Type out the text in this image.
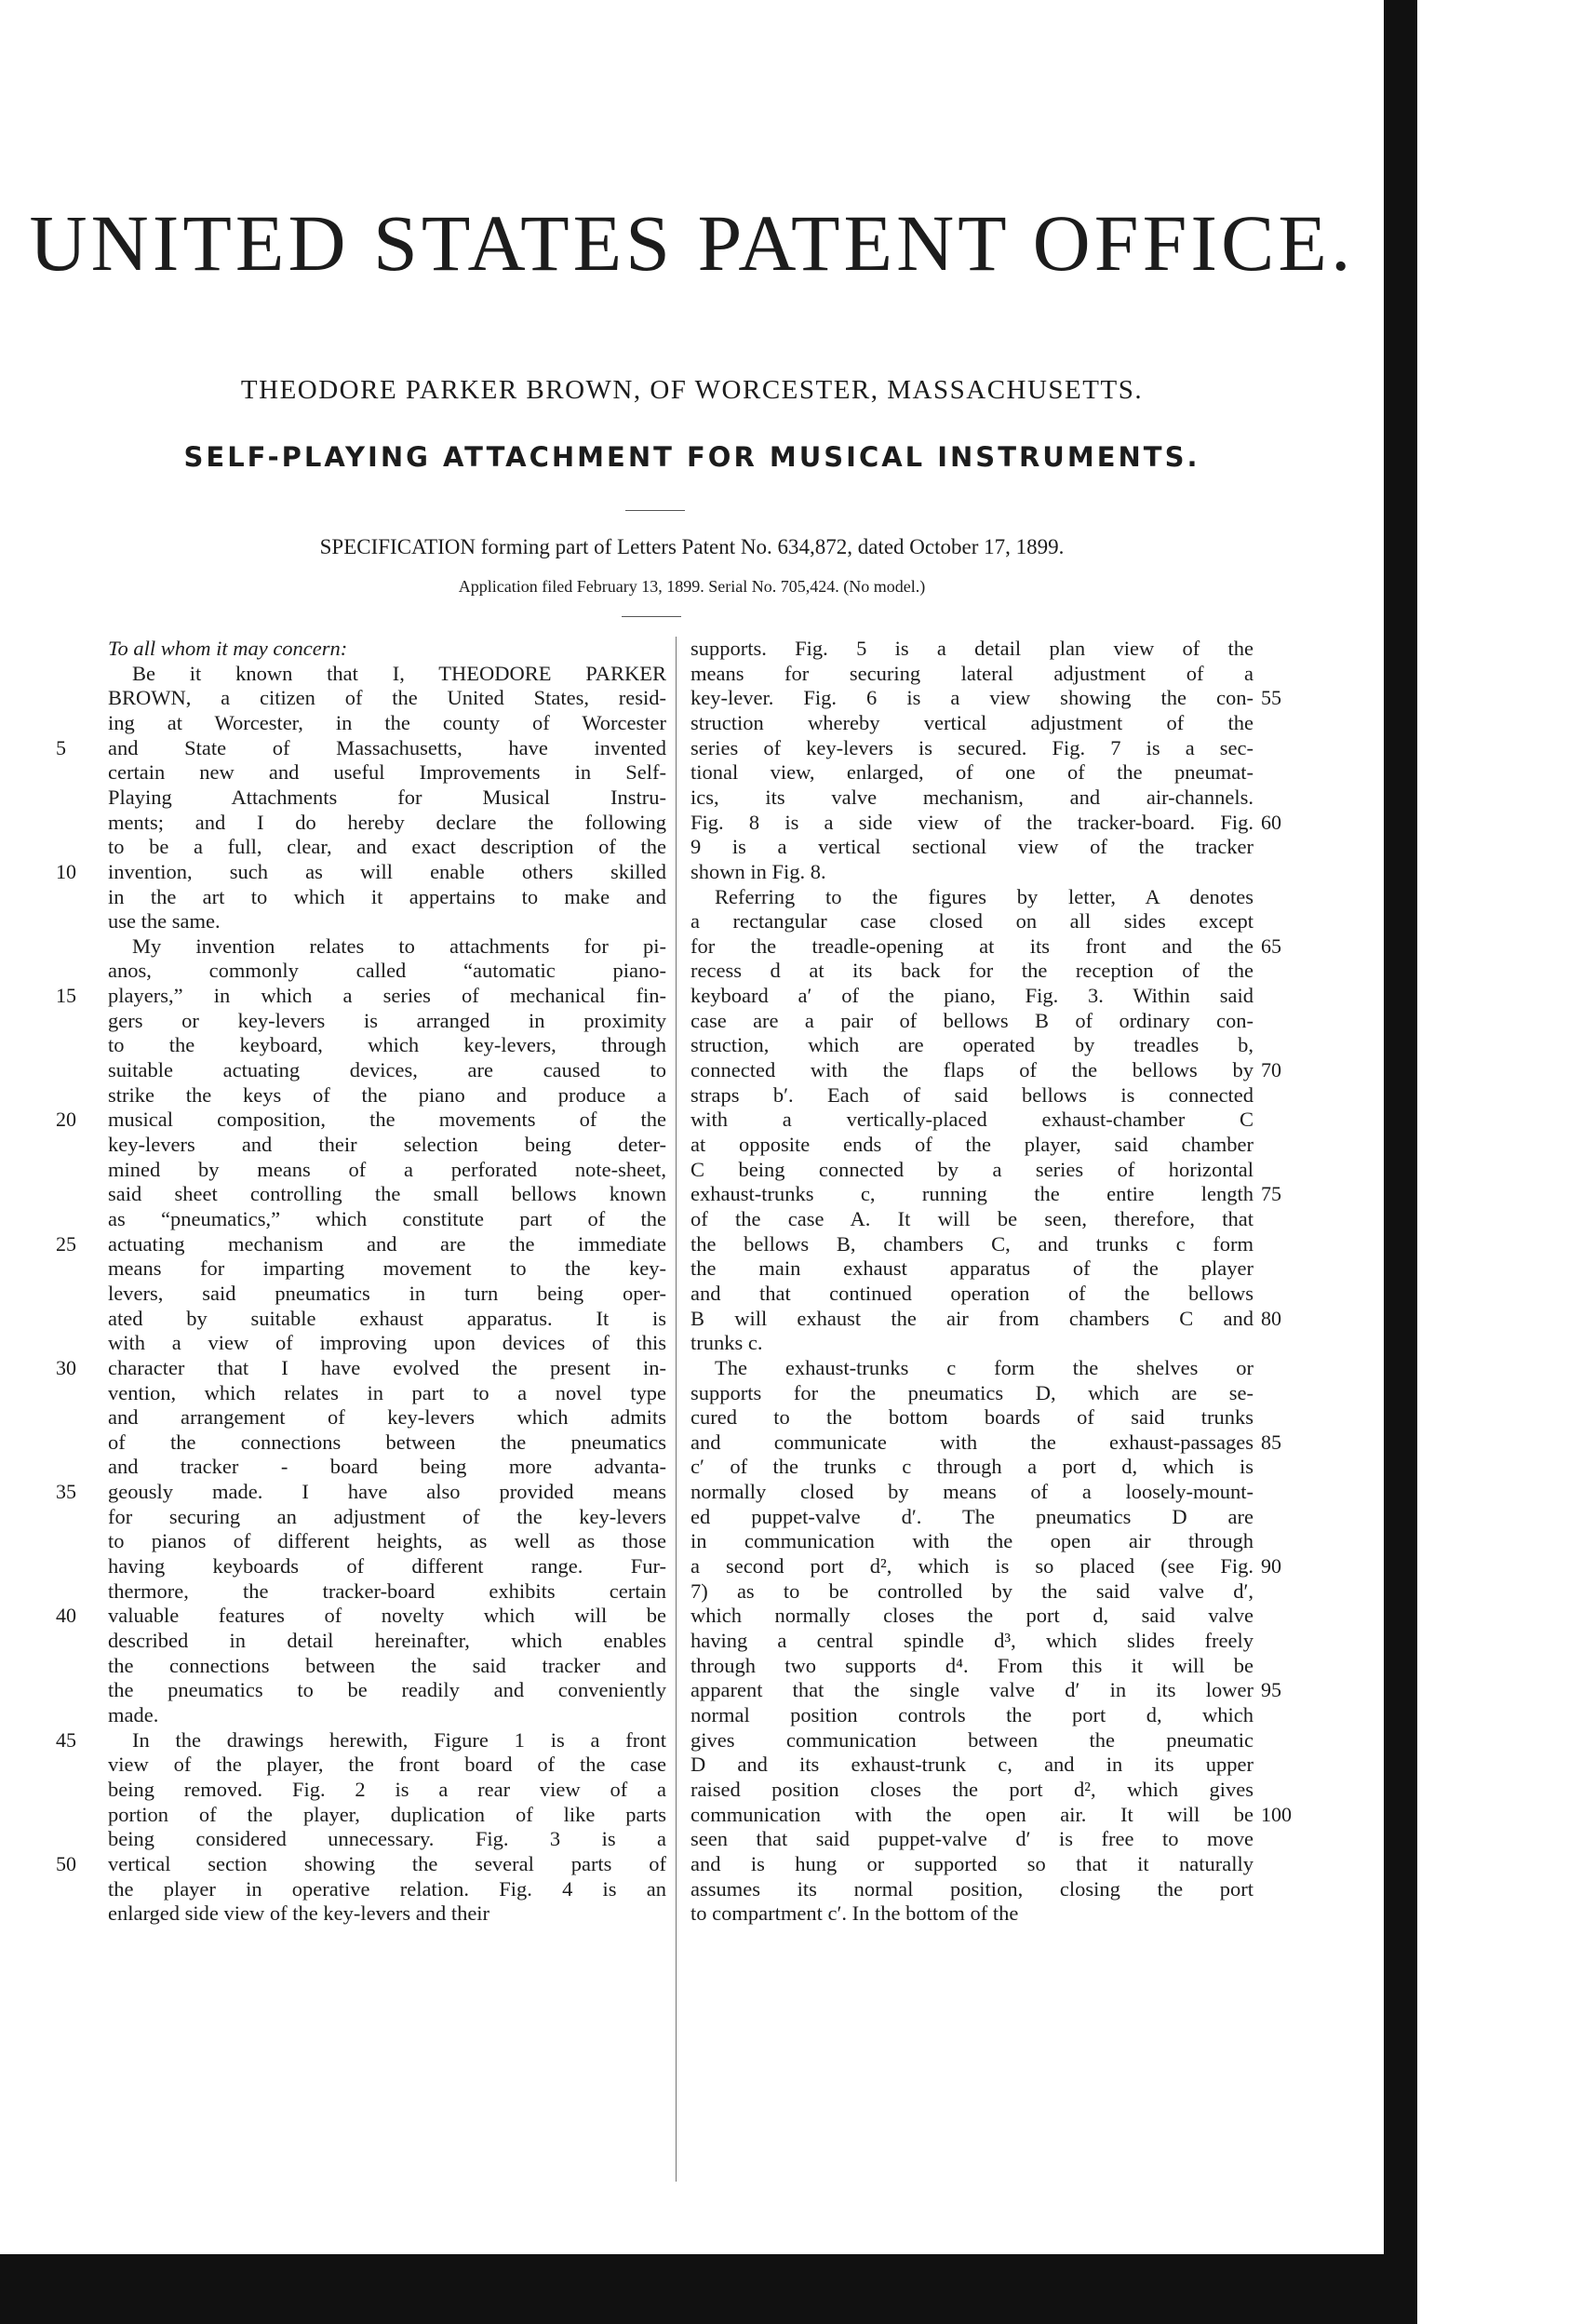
UNITED STATES PATENT OFFICE.
THEODORE PARKER BROWN, OF WORCESTER, MASSACHUSETTS.
SELF-PLAYING ATTACHMENT FOR MUSICAL INSTRUMENTS.
SPECIFICATION forming part of Letters Patent No. 634,872, dated October 17, 1899.
Application filed February 13, 1899. Serial No. 705,424. (No model.)
To all whom it may concern:
Be it known that I, THEODORE PARKER
BROWN, a citizen of the United States, resid-
ing at Worcester, in the county of Worcester
and State of Massachusetts, have invented
certain new and useful Improvements in Self-
Playing Attachments for Musical Instru-
ments; and I do hereby declare the following
to be a full, clear, and exact description of the
invention, such as will enable others skilled
in the art to which it appertains to make and
use the same.
My invention relates to attachments for pi-
anos, commonly called “automatic piano-
players,” in which a series of mechanical fin-
gers or key-levers is arranged in proximity
to the keyboard, which key-levers, through
suitable actuating devices, are caused to
strike the keys of the piano and produce a
musical composition, the movements of the
key-levers and their selection being deter-
mined by means of a perforated note-sheet,
said sheet controlling the small bellows known
as “pneumatics,” which constitute part of the
actuating mechanism and are the immediate
means for imparting movement to the key-
levers, said pneumatics in turn being oper-
ated by suitable exhaust apparatus. It is
with a view of improving upon devices of this
character that I have evolved the present in-
vention, which relates in part to a novel type
and arrangement of key-levers which admits
of the connections between the pneumatics
and tracker - board being more advanta-
geously made. I have also provided means
for securing an adjustment of the key-levers
to pianos of different heights, as well as those
having keyboards of different range. Fur-
thermore, the tracker-board exhibits certain
valuable features of novelty which will be
described in detail hereinafter, which enables
the connections between the said tracker and
the pneumatics to be readily and conveniently
made.
In the drawings herewith, Figure 1 is a front
view of the player, the front board of the case
being removed. Fig. 2 is a rear view of a
portion of the player, duplication of like parts
being considered unnecessary. Fig. 3 is a
vertical section showing the several parts of
the player in operative relation. Fig. 4 is an
enlarged side view of the key-levers and their
supports. Fig. 5 is a detail plan view of the
means for securing lateral adjustment of a
key-lever. Fig. 6 is a view showing the con-
struction whereby vertical adjustment of the
series of key-levers is secured. Fig. 7 is a sec-
tional view, enlarged, of one of the pneumat-
ics, its valve mechanism, and air-channels.
Fig. 8 is a side view of the tracker-board. Fig.
9 is a vertical sectional view of the tracker
shown in Fig. 8.
Referring to the figures by letter, A denotes
a rectangular case closed on all sides except
for the treadle-opening at its front and the
recess d at its back for the reception of the
keyboard a′ of the piano, Fig. 3. Within said
case are a pair of bellows B of ordinary con-
struction, which are operated by treadles b,
connected with the flaps of the bellows by
straps b′. Each of said bellows is connected
with a vertically-placed exhaust-chamber C
at opposite ends of the player, said chamber
C being connected by a series of horizontal
exhaust-trunks c, running the entire length
of the case A. It will be seen, therefore, that
the bellows B, chambers C, and trunks c form
the main exhaust apparatus of the player
and that continued operation of the bellows
B will exhaust the air from chambers C and
trunks c.
The exhaust-trunks c form the shelves or
supports for the pneumatics D, which are se-
cured to the bottom boards of said trunks
and communicate with the exhaust-passages
c′ of the trunks c through a port d, which is
normally closed by means of a loosely-mount-
ed puppet-valve d′. The pneumatics D are
in communication with the open air through
a second port d², which is so placed (see Fig.
7) as to be controlled by the said valve d′,
which normally closes the port d, said valve
having a central spindle d³, which slides freely
through two supports d⁴. From this it will be
apparent that the single valve d′ in its lower
normal position controls the port d, which
gives communication between the pneumatic
D and its exhaust-trunk c, and in its upper
raised position closes the port d², which gives
communication with the open air. It will be
seen that said puppet-valve d′ is free to move
and is hung or supported so that it naturally
assumes its normal position, closing the port
to compartment c′. In the bottom of the
5
10
15
20
25
30
35
40
45
50
55
60
65
70
75
80
85
90
95
100
